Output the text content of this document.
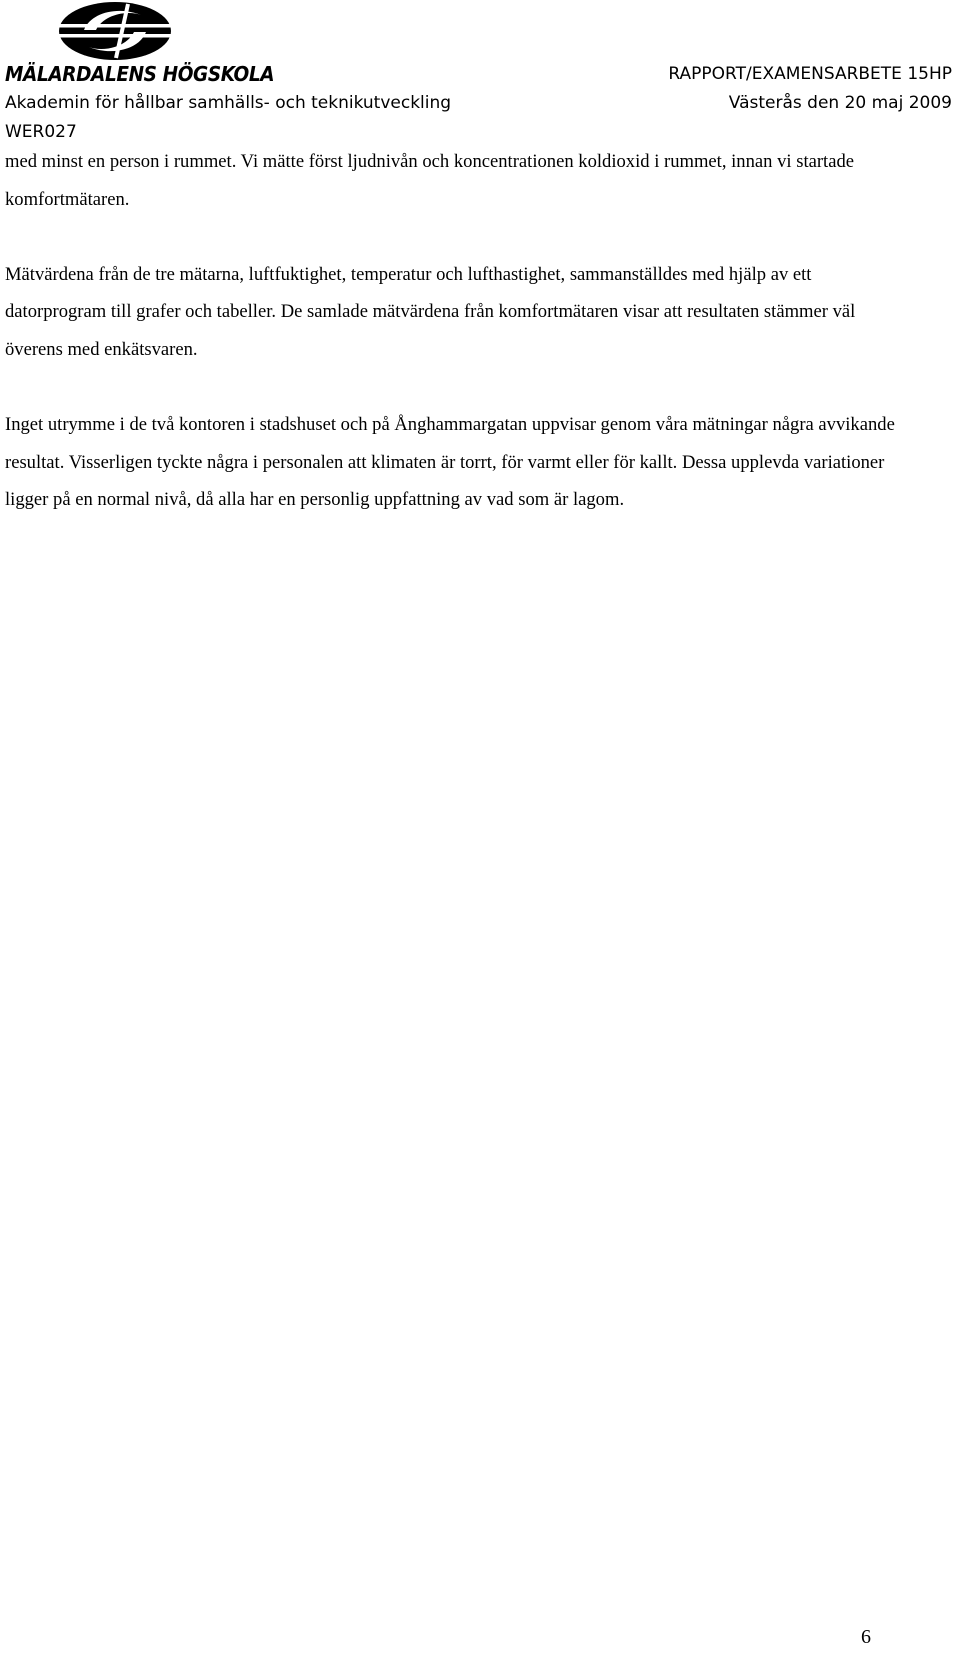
MÄLARDALENS HÖGSKOLA	RAPPORT/EXAMENSARBETE 15HP
Akademin för hållbar samhälls- och teknikutveckling	Västerås den 20 maj 2009
WER027

med minst en person i rummet. Vi mätte först ljudnivån och koncentrationen koldioxid i rummet, innan vi startade komfortmätaren.

Mätvärdena från de tre mätarna, luftfuktighet, temperatur och lufthastighet, sammanställdes med hjälp av ett datorprogram till grafer och tabeller. De samlade mätvärdena från komfortmätaren visar att resultaten stämmer väl överens med enkätsvaren.

Inget utrymme i de två kontoren i stadshuset och på Ånghammargatan uppvisar genom våra mätningar några avvikande resultat. Visserligen tyckte några i personalen att klimaten är torrt, för varmt eller för kallt. Dessa upplevda variationer ligger på en normal nivå, då alla har en personlig uppfattning av vad som är lagom.

6
